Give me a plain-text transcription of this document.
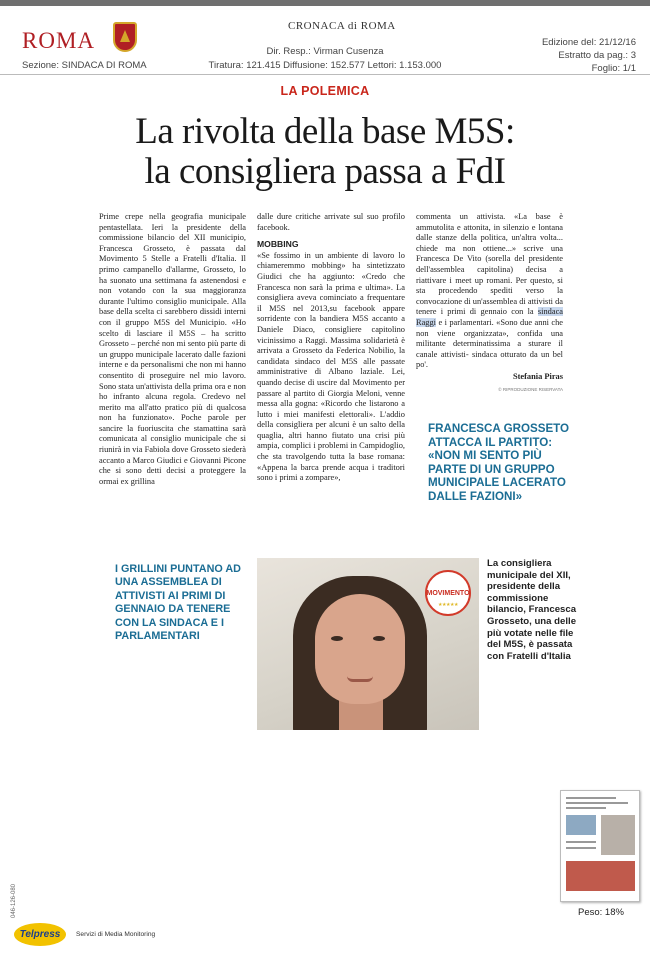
ROMA
Sezione: SINDACA DI ROMA
CRONACA di ROMA
Dir. Resp.: Virman Cusenza
Tiratura: 121.415 Diffusione: 152.577 Lettori: 1.153.000
Edizione del: 21/12/16
Estratto da pag.: 3
Foglio: 1/1
LA POLEMICA
La rivolta della base M5S:
la consigliera passa a FdI

Prime crepe nella geografia municipale pentastellata. Ieri la presidente della commissione bilancio del XII municipio, Francesca Grosseto, è passata dal Movimento 5 Stelle a Fratelli d'Italia. Il primo campanello d'allarme, Grosseto, lo ha suonato una settimana fa astenendosi e non votando con la sua maggioranza durante l'ultimo consiglio municipale. Alla base della scelta ci sarebbero dissidi interni con il gruppo M5S del Municipio. «Ho scelto di lasciare il M5S – ha scritto Grosseto – perché non mi sento più parte di un gruppo municipale lacerato dalle fazioni interne e da personalismi che non mi hanno consentito di proseguire nel mio lavoro. Sono stata un'attivista della prima ora e non ho infranto alcuna regola. Credevo nel merito ma all'atto pratico più di qualcosa non ha funzionato». Poche parole per sancire la fuoriuscita che stamattina sarà comunicata al consiglio municipale che si riunirà in via Fabiola dove Grosseto siederà accanto a Marco Giudici e Giovanni Picone che si sono detti decisi a proteggere la ormai ex grillina

dalle dure critiche arrivate sul suo profilo facebook.

MOBBING

«Se fossimo in un ambiente di lavoro lo chiameremmo mobbing» ha sintetizzato Giudici che ha aggiunto: «Credo che Francesca non sarà la prima e ultima». La consigliera aveva cominciato a frequentare il M5S nel 2013,su facebook appare sorridente con la bandiera M5S accanto a Daniele Diaco, consigliere capitolino vicinissimo a Raggi. Massima solidarietà è arrivata a Grosseto da Federica Nobilio, la candidata sindaco del M5S alle passate amministrative di Albano laziale. Lei, quando decise di uscire dal Movimento per passare al partito di Giorgia Meloni, venne messa alla gogna: «Ricordo che listarono a lutto i miei manifesti elettorali». L'addio della consigliera per alcuni è un salto della quaglia, altri hanno fiutato una crisi più ampia, complici i problemi in Campidoglio, che sta travolgendo tutta la base romana: «Appena la barca prende acqua i traditori sono i primi a zompare»,

commenta un attivista. «La base è ammutolita e attonita, in silenzio e lontana dalle stanze della politica, un'altra volta... chiede ma non ottiene...» scrive una Francesca De Vito (sorella del presidente dell'assemblea capitolina) decisa a riattivare i meet up romani. Per questo, si sta procedendo spediti verso la convocazione di un'assemblea di attivisti da tenere i primi di gennaio con la sindaca Raggi e i parlamentari. «Sono due anni che non viene organizzata», confida una militante determinatissima a sturare il canale attivisti- sindaca otturato da un bel po'.

Stefania Piras
© RIPRODUZIONE RISERVATA
FRANCESCA GROSSETO ATTACCA IL PARTITO: «NON MI SENTO PIÙ PARTE DI UN GRUPPO MUNICIPALE LACERATO DALLE FAZIONI»
I GRILLINI PUNTANO AD UNA ASSEMBLEA DI ATTIVISTI AI PRIMI DI GENNAIO DA TENERE CON LA SINDACA E I PARLAMENTARI
MOVIMENTO
★★★★★
La consigliera municipale del XII, presidente della commissione bilancio, Francesca Grosseto, una delle più votate nelle file del M5S, è passata con Fratelli d'Italia
Peso: 18%
046-126-080
Telpress	Servizi di Media Monitoring
